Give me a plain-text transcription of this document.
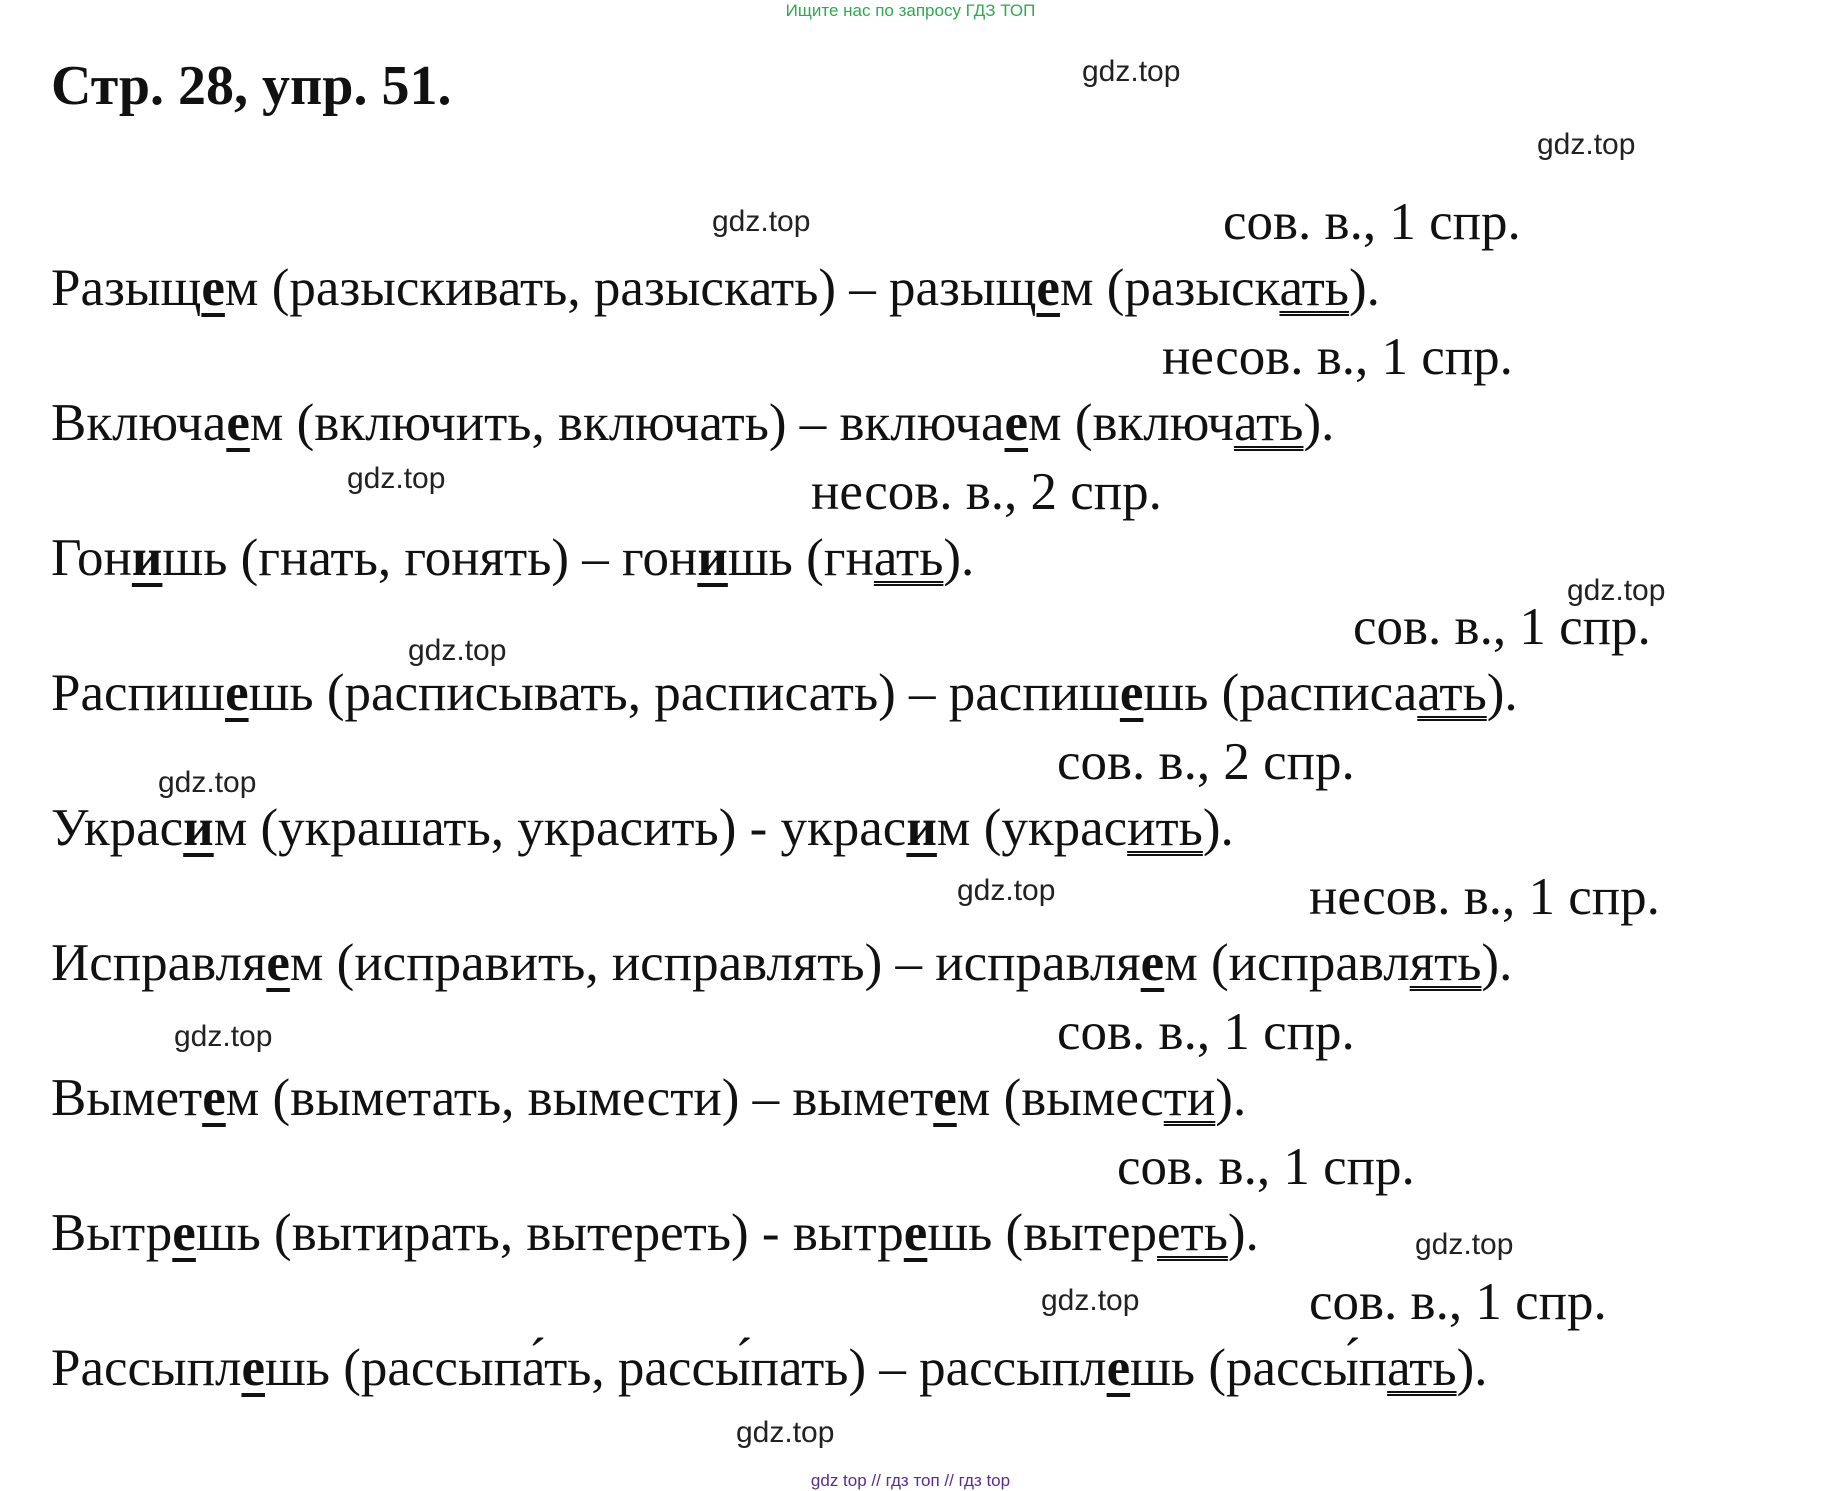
Ищите нас по запросу ГДЗ ТОП
Стр. 28, упр. 51.	gdz.top
gdz.top
gdz.top
gdz.top
gdz.top
gdz.top
gdz.top
gdz.top
gdz.top
gdz.top
gdz.top
gdz.top
сов. в., 1 спр.
несов. в., 1 спр.
несов. в., 2 спр.
сов. в., 1 спр.
сов. в., 2 спр.
несов. в., 1 спр.
сов. в., 1 спр.
сов. в., 1 спр.
сов. в., 1 спр.
Разыщем (разыскивать, разыскать) – разыщем (разыскать).
Включаем (включить, включать) – включаем (включать).
Гонишь (гнать, гонять) – гонишь (гнать).
Распишешь (расписывать, расписать) – распишешь (расписаать).
Украсим (украшать, украсить) - украсим (украсить).
Исправляем (исправить, исправлять) – исправляем (исправлять).
Выметем (выметать, вымести) – выметем (вымести).
Вытрешь (вытирать, вытереть) - вытрешь (вытереть).
Рассыплешь (рассыпа́ть, рассы́пать) – рассыплешь (рассы́пать).
gdz top // гдз топ // гдз top
